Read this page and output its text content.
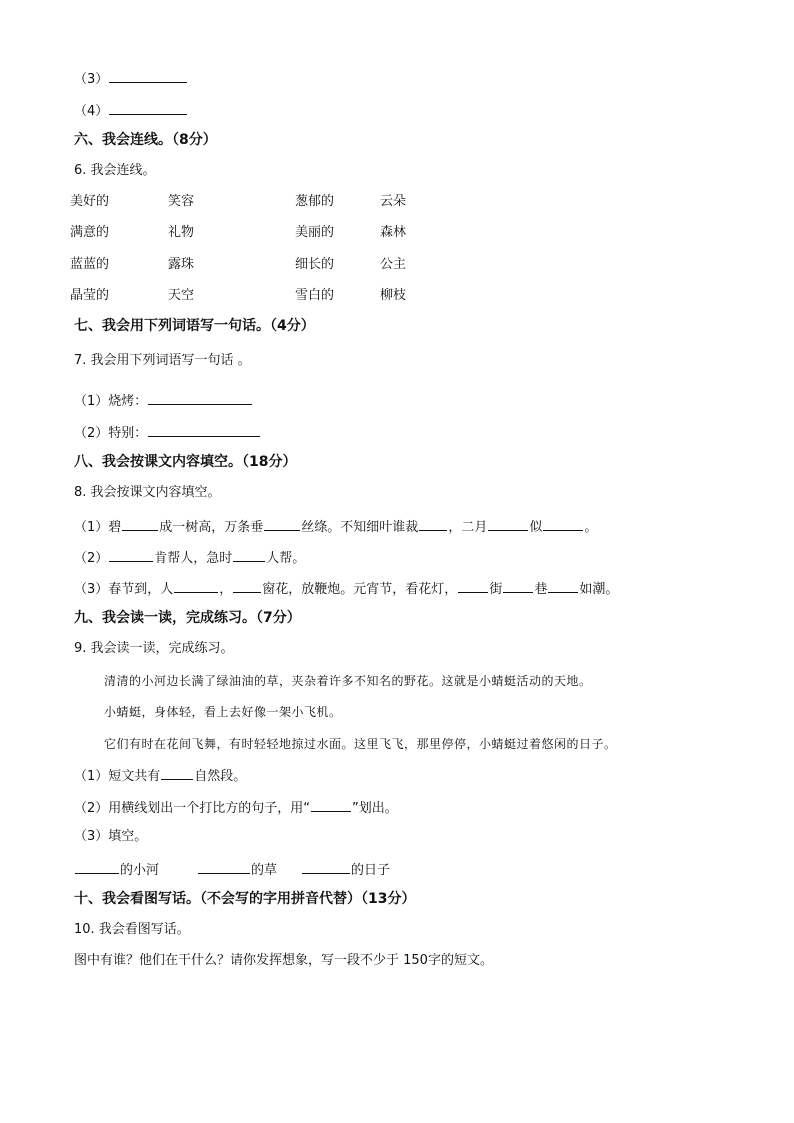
（3）
（4）
六、我会连线。（8分）
6. 我会连线。
美好的	笑容	葱郁的	云朵
满意的	礼物	美丽的	森林
蓝蓝的	露珠	细长的	公主
晶莹的	天空	雪白的	柳枝
七、我会用下列词语写一句话。（4分）
7. 我会用下列词语写一句话 。
（1）烧烤：
（2）特别：
八、我会按课文内容填空。（18分）
8. 我会按课文内容填空。
（1）碧	成一树高，万条垂	丝绦。不知细叶谁裁 ，二月	似	。
（2）	肯帮人，急时	人帮。
（3）春节到，人	， 窗花，放鞭炮。元宵节，看花灯， 街 巷 如潮。
九、我会读一读，完成练习。（7分）
9. 我会读一读，完成练习。
清清的小河边长满了绿油油的草，夹杂着许多不知名的野花。这就是小蜻蜓活动的天地。
小蜻蜓，身体轻，看上去好像一架小飞机。
它们有时在花间飞舞，有时轻轻地掠过水面。这里飞飞，那里停停，小蜻蜓过着悠闲的日子。
（1）短文共有	自然段。
（2）用横线划出一个打比方的句子，用“	”划出。
（3）填空。
的小河	的草	的日子
十、我会看图写话。（不会写的字用拼音代替）（13分）
10. 我会看图写话。
图中有谁？他们在干什么？请你发挥想象，写一段不少于 150字的短文。
